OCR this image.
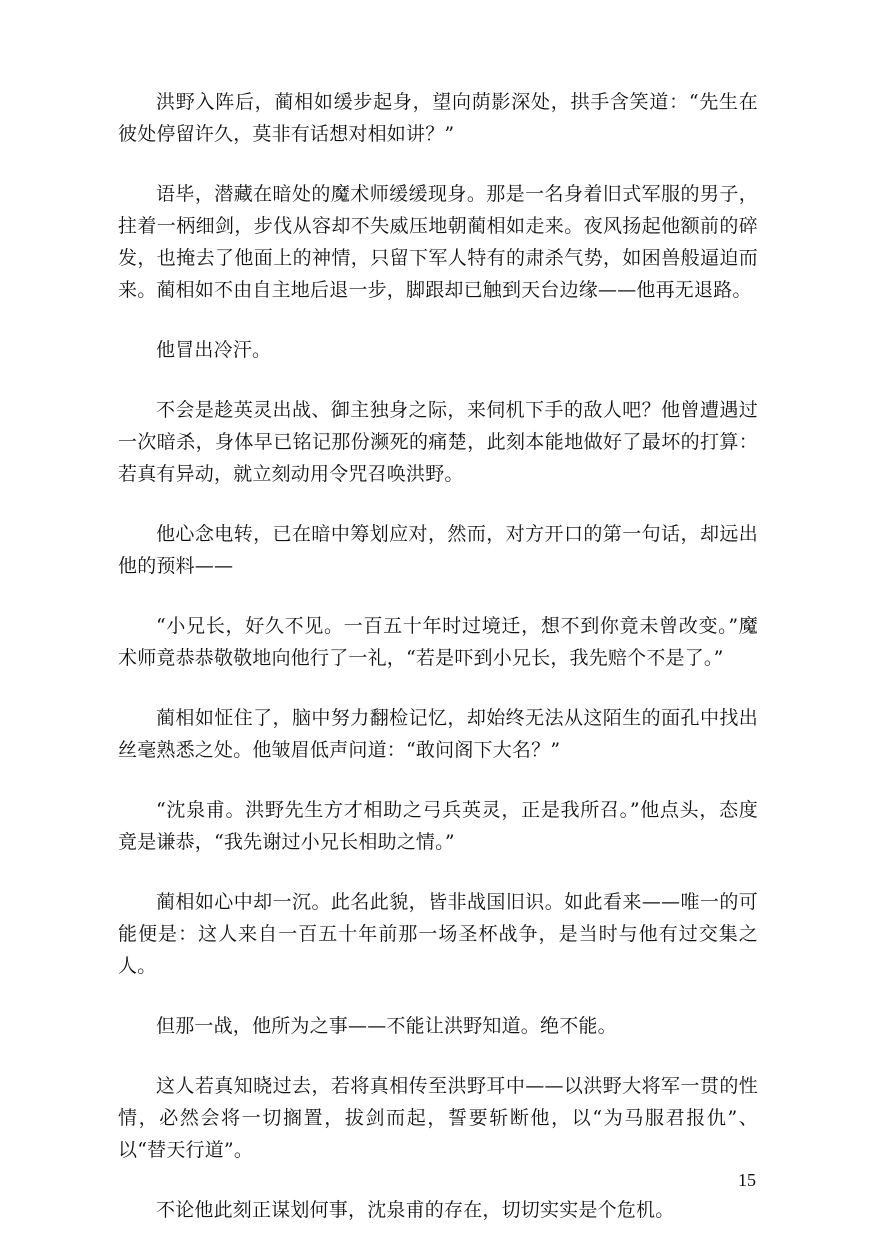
洪野入阵后，蔺相如缓步起身，望向荫影深处，拱手含笑道：“先生在彼处停留许久，莫非有话想对相如讲？”

语毕，潜藏在暗处的魔术师缓缓现身。那是一名身着旧式军服的男子，拄着一柄细剑，步伐从容却不失威压地朝蔺相如走来。夜风扬起他额前的碎发，也掩去了他面上的神情，只留下军人特有的肃杀气势，如困兽般逼迫而来。蔺相如不由自主地后退一步，脚跟却已触到天台边缘——他再无退路。

他冒出冷汗。

不会是趁英灵出战、御主独身之际，来伺机下手的敌人吧？他曾遭遇过一次暗杀，身体早已铭记那份濒死的痛楚，此刻本能地做好了最坏的打算：若真有异动，就立刻动用令咒召唤洪野。

他心念电转，已在暗中筹划应对，然而，对方开口的第一句话，却远出他的预料——

“小兄长，好久不见。一百五十年时过境迁，想不到你竟未曾改变。”魔术师竟恭恭敬敬地向他行了一礼，“若是吓到小兄长，我先赔个不是了。”

蔺相如怔住了，脑中努力翻检记忆，却始终无法从这陌生的面孔中找出丝毫熟悉之处。他皱眉低声问道：“敢问阁下大名？”

“沈泉甫。洪野先生方才相助之弓兵英灵，正是我所召。”他点头，态度竟是谦恭，“我先谢过小兄长相助之情。”

蔺相如心中却一沉。此名此貌，皆非战国旧识。如此看来——唯一的可能便是：这人来自一百五十年前那一场圣杯战争，是当时与他有过交集之人。

但那一战，他所为之事——不能让洪野知道。绝不能。

这人若真知晓过去，若将真相传至洪野耳中——以洪野大将军一贯的性情，必然会将一切搁置，拔剑而起，誓要斩断他，以“为马服君报仇”、以“替天行道”。

不论他此刻正谋划何事，沈泉甫的存在，切切实实是个危机。

15
